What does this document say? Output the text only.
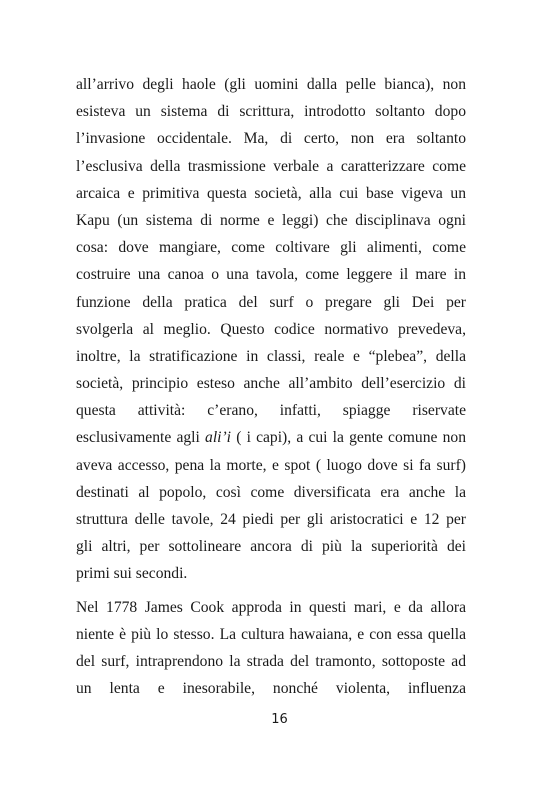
all’arrivo degli haole (gli uomini dalla pelle bianca), non
esisteva un sistema di scrittura, introdotto soltanto dopo
l’invasione occidentale. Ma, di certo, non era soltanto
l’esclusiva della trasmissione verbale a caratterizzare come
arcaica e primitiva questa società, alla cui base vigeva un
Kapu (un sistema di norme e leggi) che disciplinava ogni
cosa: dove mangiare, come coltivare gli alimenti, come
costruire una canoa o una tavola, come leggere il mare in
funzione della pratica del surf o pregare gli Dei per
svolgerla al meglio. Questo codice normativo prevedeva,
inoltre, la stratificazione in classi, reale e “plebea”, della
società, principio esteso anche all’ambito dell’esercizio di
questa attività: c’erano, infatti, spiagge riservate
esclusivamente agli ali’i ( i capi), a cui la gente comune non
aveva accesso, pena la morte, e spot ( luogo dove si fa surf)
destinati al popolo, così come diversificata era anche la
struttura delle tavole, 24 piedi per gli aristocratici e 12 per
gli altri, per sottolineare ancora di più la superiorità dei
primi sui secondi.
Nel 1778 James Cook approda in questi mari, e da allora
niente è più lo stesso. La cultura hawaiana, e con essa quella
del surf, intraprendono la strada del tramonto, sottoposte ad
un lenta e inesorabile, nonché violenta, influenza
16
